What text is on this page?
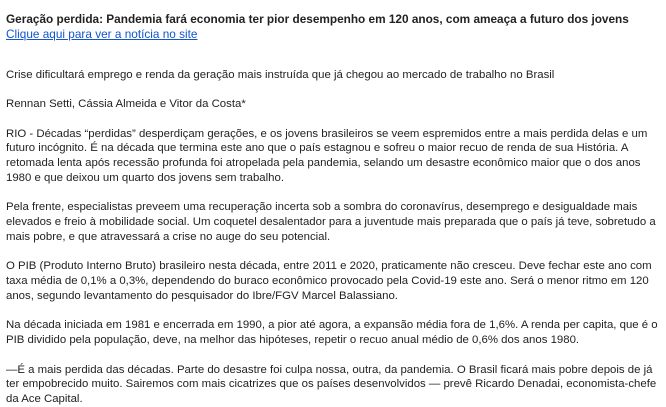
Geração perdida: Pandemia fará economia ter pior desempenho em 120 anos, com ameaça a futuro dos jovens

Clique aqui para ver a notícia no site

Crise dificultará emprego e renda da geração mais instruída que já chegou ao mercado de trabalho no Brasil

Rennan Setti, Cássia Almeida e Vitor da Costa*

RIO - Décadas “perdidas” desperdiçam gerações, e os jovens brasileiros se veem espremidos entre a mais perdida delas e um futuro incógnito. É na década que termina este ano que o país estagnou e sofreu o maior recuo de renda de sua História. A retomada lenta após recessão profunda foi atropelada pela pandemia, selando um desastre econômico maior que o dos anos 1980 e que deixou um quarto dos jovens sem trabalho.

Pela frente, especialistas preveem uma recuperação incerta sob a sombra do coronavírus, desemprego e desigualdade mais elevados e freio à mobilidade social. Um coquetel desalentador para a juventude mais preparada que o país já teve, sobretudo a mais pobre, e que atravessará a crise no auge do seu potencial.

O PIB (Produto Interno Bruto) brasileiro nesta década, entre 2011 e 2020, praticamente não cresceu. Deve fechar este ano com taxa média de 0,1% a 0,3%, dependendo do buraco econômico provocado pela Covid-19 este ano. Será o menor ritmo em 120 anos, segundo levantamento do pesquisador do Ibre/FGV Marcel Balassiano.

Na década iniciada em 1981 e encerrada em 1990, a pior até agora, a expansão média fora de 1,6%. A renda per capita, que é o PIB dividido pela população, deve, na melhor das hipóteses, repetir o recuo anual médio de 0,6% dos anos 1980.

—É a mais perdida das décadas. Parte do desastre foi culpa nossa, outra, da pandemia. O Brasil ficará mais pobre depois de já ter empobrecido muito. Sairemos com mais cicatrizes que os países desenvolvidos — prevê Ricardo Denadai, economista-chefe da Ace Capital.
